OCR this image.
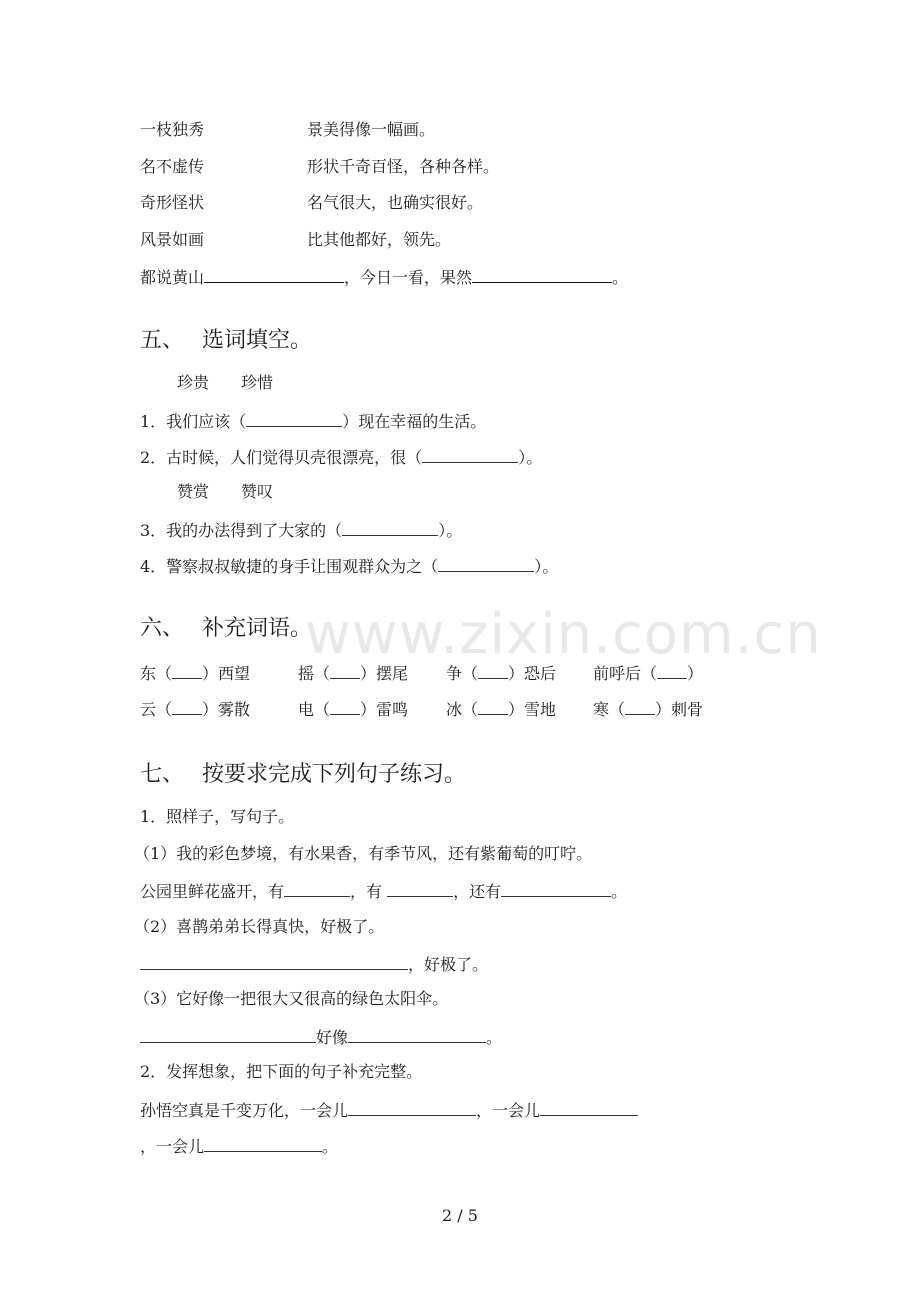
一枝独秀	景美得像一幅画。
名不虚传	形状千奇百怪，各种各样。
奇形怪状	名气很大，也确实很好。
风景如画	比其他都好，领先。
都说黄山	，今日一看，果然	。
五、 选词填空。
珍贵　　珍惜
1．我们应该（	）现在幸福的生活。
2．古时候，人们觉得贝壳很漂亮，很（	）。
赞赏　　赞叹
3．我的办法得到了大家的（	）。
4．警察叔叔敏捷的身手让围观群众为之（	）。
www.zixin.com.cn
六、 补充词语。
东（ ）西望	摇（ ）摆尾 争（ ）恐后 前呼后（ ）
云（ ）雾散	电（ ）雷鸣 冰（ ）雪地 寒（ ）刺骨
七、 按要求完成下列句子练习。
1．照样子，写句子。
（1）我的彩色梦境，有水果香，有季节风，还有紫葡萄的叮咛。
公园里鲜花盛开，有	，有	，还有	。
（2）喜鹊弟弟长得真快，好极了。
，好极了。
（3）它好像一把很大又很高的绿色太阳伞。
好像	。
2．发挥想象，把下面的句子补充完整。
孙悟空真是千变万化，一会儿	，一会儿
，一会儿	。
2 / 5
